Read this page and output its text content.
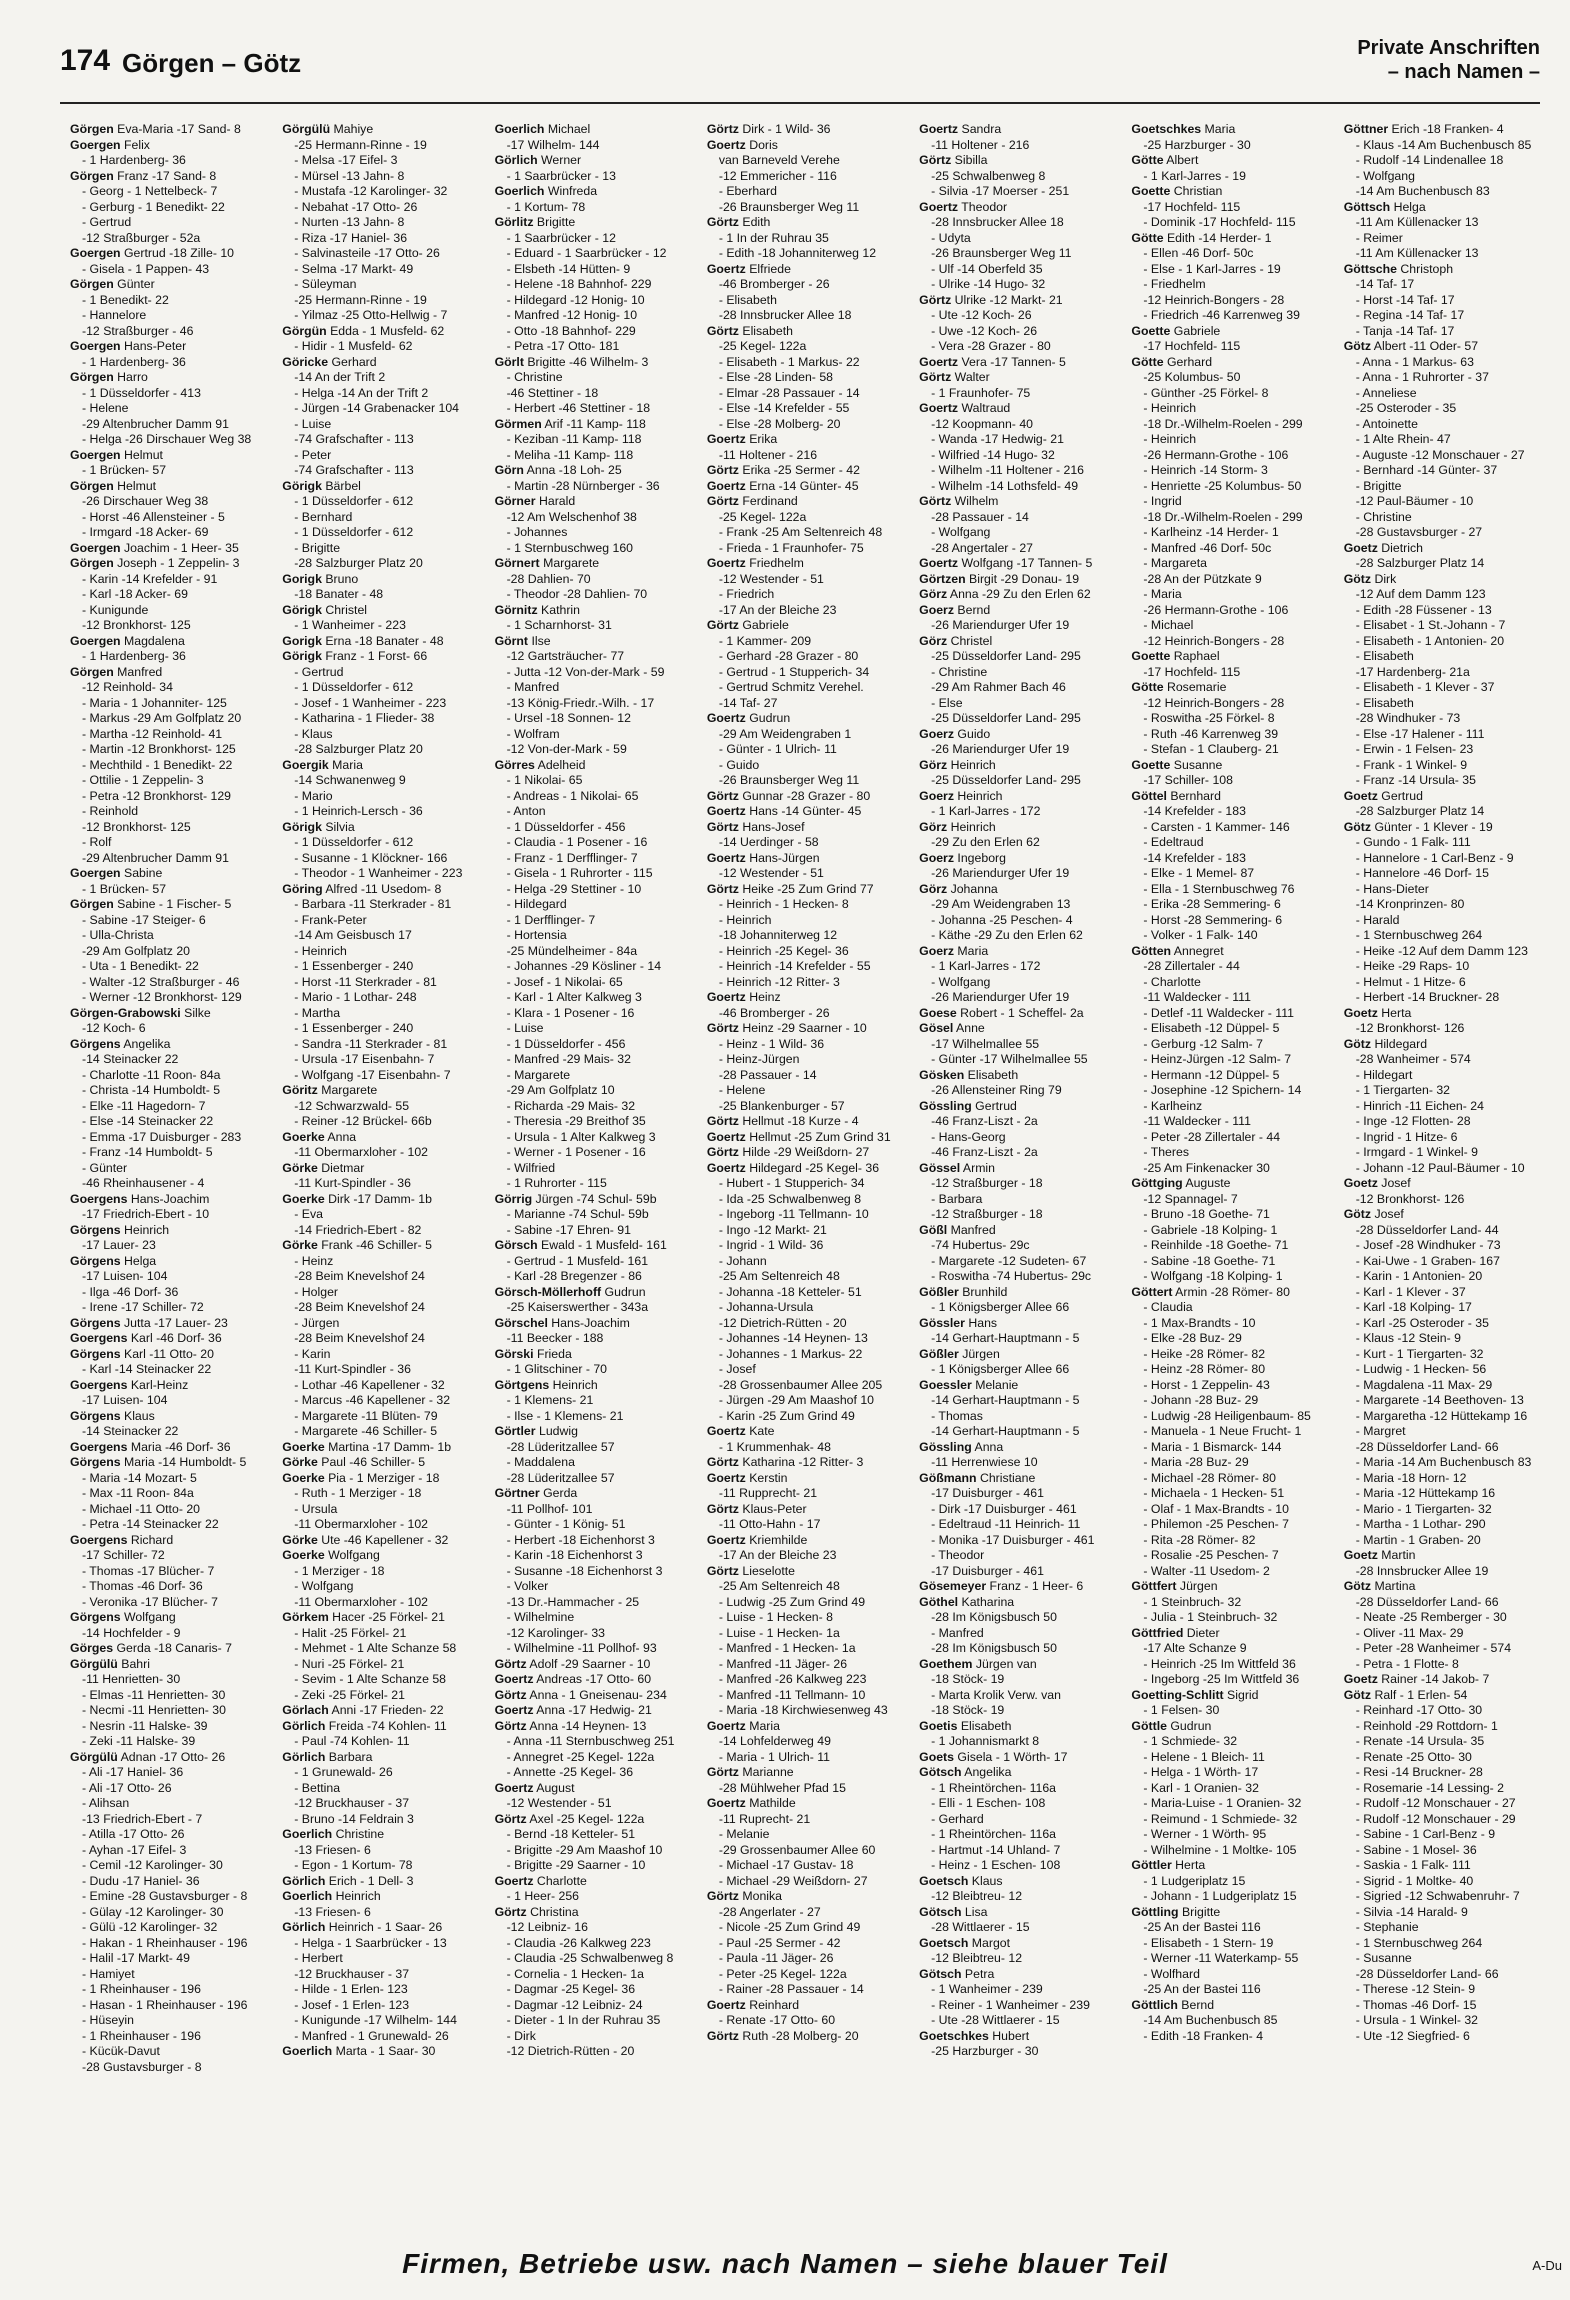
174 Görgen – Götz	Private Anschriften
– nach Namen –
Görgen Eva-Maria -17 Sand- 8
Goergen Felix
- 1 Hardenberg- 36
Görgen Franz -17 Sand- 8
- Georg - 1 Nettelbeck- 7
- Gerburg - 1 Benedikt- 22
- Gertrud
-12 Straßburger - 52a
Goergen Gertrud -18 Zille- 10
- Gisela - 1 Pappen- 43
Görgen Günter
- 1 Benedikt- 22
- Hannelore
-12 Straßburger - 46
Goergen Hans-Peter
- 1 Hardenberg- 36
Görgen Harro
- 1 Düsseldorfer - 413
- Helene
-29 Altenbrucher Damm 91
- Helga -26 Dirschauer Weg 38
Goergen Helmut
- 1 Brücken- 57
Görgen Helmut
-26 Dirschauer Weg 38
- Horst -46 Allensteiner - 5
- Irmgard -18 Acker- 69
Goergen Joachim - 1 Heer- 35
Görgen Joseph - 1 Zeppelin- 3
- Karin -14 Krefelder - 91
- Karl -18 Acker- 69
- Kunigunde
-12 Bronkhorst- 125
Goergen Magdalena
- 1 Hardenberg- 36
Görgen Manfred
-12 Reinhold- 34
- Maria - 1 Johanniter- 125
- Markus -29 Am Golfplatz 20
- Martha -12 Reinhold- 41
- Martin -12 Bronkhorst- 125
- Mechthild - 1 Benedikt- 22
- Ottilie - 1 Zeppelin- 3
- Petra -12 Bronkhorst- 129
- Reinhold
-12 Bronkhorst- 125
- Rolf
-29 Altenbrucher Damm 91
Goergen Sabine
- 1 Brücken- 57
Görgen Sabine - 1 Fischer- 5
- Sabine -17 Steiger- 6
- Ulla-Christa
-29 Am Golfplatz 20
- Uta - 1 Benedikt- 22
- Walter -12 Straßburger - 46
- Werner -12 Bronkhorst- 129
Görgen-Grabowski Silke
-12 Koch- 6
Görgens Angelika
-14 Steinacker 22
- Charlotte -11 Roon- 84a
- Christa -14 Humboldt- 5
- Elke -11 Hagedorn- 7
- Else -14 Steinacker 22
- Emma -17 Duisburger - 283
- Franz -14 Humboldt- 5
- Günter
-46 Rheinhausener - 4
Goergens Hans-Joachim
-17 Friedrich-Ebert - 10
Görgens Heinrich
-17 Lauer- 23
Görgens Helga
-17 Luisen- 104
- Ilga -46 Dorf- 36
- Irene -17 Schiller- 72
Görgens Jutta -17 Lauer- 23
Goergens Karl -46 Dorf- 36
Görgens Karl -11 Otto- 20
- Karl -14 Steinacker 22
Goergens Karl-Heinz
-17 Luisen- 104
Görgens Klaus
-14 Steinacker 22
Goergens Maria -46 Dorf- 36
Görgens Maria -14 Humboldt- 5
- Maria -14 Mozart- 5
- Max -11 Roon- 84a
- Michael -11 Otto- 20
- Petra -14 Steinacker 22
Goergens Richard
-17 Schiller- 72
- Thomas -17 Blücher- 7
- Thomas -46 Dorf- 36
- Veronika -17 Blücher- 7
Görgens Wolfgang
-14 Hochfelder - 9
Görges Gerda -18 Canaris- 7
Görgülü Bahri
-11 Henrietten- 30
- Elmas -11 Henrietten- 30
- Necmi -11 Henrietten- 30
- Nesrin -11 Halske- 39
- Zeki -11 Halske- 39
Görgülü Adnan -17 Otto- 26
- Ali -17 Haniel- 36
- Ali -17 Otto- 26
- Alihsan
-13 Friedrich-Ebert - 7
- Atilla -17 Otto- 26
- Ayhan -17 Eifel- 3
- Cemil -12 Karolinger- 30
- Dudu -17 Haniel- 36
- Emine -28 Gustavsburger - 8
- Gülay -12 Karolinger- 30
- Gülü -12 Karolinger- 32
- Hakan - 1 Rheinhauser - 196
- Halil -17 Markt- 49
- Hamiyet
- 1 Rheinhauser - 196
- Hasan - 1 Rheinhauser - 196
- Hüseyin
- 1 Rheinhauser - 196
- Kücük-Davut
-28 Gustavsburger - 8
Görgülü Mahiye
-25 Hermann-Rinne - 19
- Melsa -17 Eifel- 3
- Mürsel -13 Jahn- 8
- Mustafa -12 Karolinger- 32
- Nebahat -17 Otto- 26
- Nurten -13 Jahn- 8
- Riza -17 Haniel- 36
- Salvinasteile -17 Otto- 26
- Selma -17 Markt- 49
- Süleyman
-25 Hermann-Rinne - 19
- Yilmaz -25 Otto-Hellwig - 7
Görgün Edda - 1 Musfeld- 62
- Hidir - 1 Musfeld- 62
Göricke Gerhard
-14 An der Trift 2
- Helga -14 An der Trift 2
- Jürgen -14 Grabenacker 104
- Luise
-74 Grafschafter - 113
- Peter
-74 Grafschafter - 113
Görigk Bärbel
- 1 Düsseldorfer - 612
- Bernhard
- 1 Düsseldorfer - 612
- Brigitte
-28 Salzburger Platz 20
Gorigk Bruno
-18 Banater - 48
Görigk Christel
- 1 Wanheimer - 223
Gorigk Erna -18 Banater - 48
Görigk Franz - 1 Forst- 66
- Gertrud
- 1 Düsseldorfer - 612
- Josef - 1 Wanheimer - 223
- Katharina - 1 Flieder- 38
- Klaus
-28 Salzburger Platz 20
Goergik Maria
-14 Schwanenweg 9
- Mario
- 1 Heinrich-Lersch - 36
Görigk Silvia
- 1 Düsseldorfer - 612
- Susanne - 1 Klöckner- 166
- Theodor - 1 Wanheimer - 223
Göring Alfred -11 Usedom- 8
- Barbara -11 Sterkrader - 81
- Frank-Peter
-14 Am Geisbusch 17
- Heinrich
- 1 Essenberger - 240
- Horst -11 Sterkrader - 81
- Mario - 1 Lothar- 248
- Martha
- 1 Essenberger - 240
- Sandra -11 Sterkrader - 81
- Ursula -17 Eisenbahn- 7
- Wolfgang -17 Eisenbahn- 7
Göritz Margarete
-12 Schwarzwald- 55
- Reiner -12 Brückel- 66b
Goerke Anna
-11 Obermarxloher - 102
Görke Dietmar
-11 Kurt-Spindler - 36
Goerke Dirk -17 Damm- 1b
- Eva
-14 Friedrich-Ebert - 82
Görke Frank -46 Schiller- 5
- Heinz
-28 Beim Knevelshof 24
- Holger
-28 Beim Knevelshof 24
- Jürgen
-28 Beim Knevelshof 24
- Karin
-11 Kurt-Spindler - 36
- Lothar -46 Kapellener - 32
- Marcus -46 Kapellener - 32
- Margarete -11 Blüten- 79
- Margarete -46 Schiller- 5
Goerke Martina -17 Damm- 1b
Görke Paul -46 Schiller- 5
Goerke Pia - 1 Merziger - 18
- Ruth - 1 Merziger - 18
- Ursula
-11 Obermarxloher - 102
Görke Ute -46 Kapellener - 32
Goerke Wolfgang
- 1 Merziger - 18
- Wolfgang
-11 Obermarxloher - 102
Görkem Hacer -25 Förkel- 21
- Halit -25 Förkel- 21
- Mehmet - 1 Alte Schanze 58
- Nuri -25 Förkel- 21
- Sevim - 1 Alte Schanze 58
- Zeki -25 Förkel- 21
Görlach Anni -17 Frieden- 22
Görlich Freida -74 Kohlen- 11
- Paul -74 Kohlen- 11
Görlich Barbara
- 1 Grunewald- 26
- Bettina
-12 Bruckhauser - 37
- Bruno -14 Feldrain 3
Goerlich Christine
-13 Friesen- 6
- Egon - 1 Kortum- 78
Görlich Erich - 1 Dell- 3
Goerlich Heinrich
-13 Friesen- 6
Görlich Heinrich - 1 Saar- 26
- Helga - 1 Saarbrücker - 13
- Herbert
-12 Bruckhauser - 37
- Hilde - 1 Erlen- 123
- Josef - 1 Erlen- 123
- Kunigunde -17 Wilhelm- 144
- Manfred - 1 Grunewald- 26
Goerlich Marta - 1 Saar- 30
Goerlich Michael
-17 Wilhelm- 144
Görlich Werner
- 1 Saarbrücker - 13
Goerlich Winfreda
- 1 Kortum- 78
Görlitz Brigitte
- 1 Saarbrücker - 12
- Eduard - 1 Saarbrücker - 12
- Elsbeth -14 Hütten- 9
- Helene -18 Bahnhof- 229
- Hildegard -12 Honig- 10
- Manfred -12 Honig- 10
- Otto -18 Bahnhof- 229
- Petra -17 Otto- 181
Görlt Brigitte -46 Wilhelm- 3
- Christine
-46 Stettiner - 18
- Herbert -46 Stettiner - 18
Görmen Arif -11 Kamp- 118
- Keziban -11 Kamp- 118
- Meliha -11 Kamp- 118
Görn Anna -18 Loh- 25
- Martin -28 Nürnberger - 36
Görner Harald
-12 Am Welschenhof 38
- Johannes
- 1 Sternbuschweg 160
Görnert Margarete
-28 Dahlien- 70
- Theodor -28 Dahlien- 70
Görnitz Kathrin
- 1 Scharnhorst- 31
Görnt Ilse
-12 Gartsträucher- 77
- Jutta -12 Von-der-Mark - 59
- Manfred
-13 König-Friedr.-Wilh. - 17
- Ursel -18 Sonnen- 12
- Wolfram
-12 Von-der-Mark - 59
Görres Adelheid
- 1 Nikolai- 65
- Andreas - 1 Nikolai- 65
- Anton
- 1 Düsseldorfer - 456
- Claudia - 1 Posener - 16
- Franz - 1 Derfflinger- 7
- Gisela - 1 Ruhrorter - 115
- Helga -29 Stettiner - 10
- Hildegard
- 1 Derfflinger- 7
- Hortensia
-25 Mündelheimer - 84a
- Johannes -29 Kösliner - 14
- Josef - 1 Nikolai- 65
- Karl - 1 Alter Kalkweg 3
- Klara - 1 Posener - 16
- Luise
- 1 Düsseldorfer - 456
- Manfred -29 Mais- 32
- Margarete
-29 Am Golfplatz 10
- Richarda -29 Mais- 32
- Theresia -29 Breithof 35
- Ursula - 1 Alter Kalkweg 3
- Werner - 1 Posener - 16
- Wilfried
- 1 Ruhrorter - 115
Görrig Jürgen -74 Schul- 59b
- Marianne -74 Schul- 59b
- Sabine -17 Ehren- 91
Görsch Ewald - 1 Musfeld- 161
- Gertrud - 1 Musfeld- 161
- Karl -28 Bregenzer - 86
Görsch-Möllerhoff Gudrun
-25 Kaiserswerther - 343a
Görschel Hans-Joachim
-11 Beecker - 188
Görski Frieda
- 1 Glitschiner - 70
Görtgens Heinrich
- 1 Klemens- 21
- Ilse - 1 Klemens- 21
Görtler Ludwig
-28 Lüderitzallee 57
- Maddalena
-28 Lüderitzallee 57
Görtner Gerda
-11 Pollhof- 101
- Günter - 1 König- 51
- Herbert -18 Eichenhorst 3
- Karin -18 Eichenhorst 3
- Susanne -18 Eichenhorst 3
- Volker
-13 Dr.-Hammacher - 25
- Wilhelmine
-12 Karolinger- 33
- Wilhelmine -11 Pollhof- 93
Görtz Adolf -29 Saarner - 10
Goertz Andreas -17 Otto- 60
Görtz Anna - 1 Gneisenau- 234
Goertz Anna -17 Hedwig- 21
Görtz Anna -14 Heynen- 13
- Anna -11 Sternbuschweg 251
- Annegret -25 Kegel- 122a
- Annette -25 Kegel- 36
Goertz August
-12 Westender - 51
Görtz Axel -25 Kegel- 122a
- Bernd -18 Ketteler- 51
- Brigitte -29 Am Maashof 10
- Brigitte -29 Saarner - 10
Goertz Charlotte
- 1 Heer- 256
Görtz Christina
-12 Leibniz- 16
- Claudia -26 Kalkweg 223
- Claudia -25 Schwalbenweg 8
- Cornelia - 1 Hecken- 1a
- Dagmar -25 Kegel- 36
- Dagmar -12 Leibniz- 24
- Dieter - 1 In der Ruhrau 35
- Dirk
-12 Dietrich-Rütten - 20
Görtz Dirk - 1 Wild- 36
Goertz Doris
van Barneveld Verehe
-12 Emmericher - 116
- Eberhard
-26 Braunsberger Weg 11
Görtz Edith
- 1 In der Ruhrau 35
- Edith -18 Johanniterweg 12
Goertz Elfriede
-46 Bromberger - 26
- Elisabeth
-28 Innsbrucker Allee 18
Görtz Elisabeth
-25 Kegel- 122a
- Elisabeth - 1 Markus- 22
- Else -28 Linden- 58
- Elmar -28 Passauer - 14
- Else -14 Krefelder - 55
- Else -28 Molberg- 20
Goertz Erika
-11 Holtener - 216
Görtz Erika -25 Sermer - 42
Goertz Erna -14 Günter- 45
Görtz Ferdinand
-25 Kegel- 122a
- Frank -25 Am Seltenreich 48
- Frieda - 1 Fraunhofer- 75
Goertz Friedhelm
-12 Westender - 51
- Friedrich
-17 An der Bleiche 23
Görtz Gabriele
- 1 Kammer- 209
- Gerhard -28 Grazer - 80
- Gertrud - 1 Stupperich- 34
- Gertrud Schmitz Verehel.
-14 Taf- 27
Goertz Gudrun
-29 Am Weidengraben 1
- Günter - 1 Ulrich- 11
- Guido
-26 Braunsberger Weg 11
Görtz Gunnar -28 Grazer - 80
Goertz Hans -14 Günter- 45
Görtz Hans-Josef
-14 Uerdinger - 58
Goertz Hans-Jürgen
-12 Westender - 51
Görtz Heike -25 Zum Grind 77
- Heinrich - 1 Hecken- 8
- Heinrich
-18 Johanniterweg 12
- Heinrich -25 Kegel- 36
- Heinrich -14 Krefelder - 55
- Heinrich -12 Ritter- 3
Goertz Heinz
-46 Bromberger - 26
Görtz Heinz -29 Saarner - 10
- Heinz - 1 Wild- 36
- Heinz-Jürgen
-28 Passauer - 14
- Helene
-25 Blankenburger - 57
Görtz Hellmut -18 Kurze - 4
Goertz Hellmut -25 Zum Grind 31
Görtz Hilde -29 Weißdorn- 27
Goertz Hildegard -25 Kegel- 36
- Hubert - 1 Stupperich- 34
- Ida -25 Schwalbenweg 8
- Ingeborg -11 Tellmann- 10
- Ingo -12 Markt- 21
- Ingrid - 1 Wild- 36
- Johann
-25 Am Seltenreich 48
- Johanna -18 Ketteler- 51
- Johanna-Ursula
-12 Dietrich-Rütten - 20
- Johannes -14 Heynen- 13
- Johannes - 1 Markus- 22
- Josef
-28 Grossenbaumer Allee 205
- Jürgen -29 Am Maashof 10
- Karin -25 Zum Grind 49
Goertz Kate
- 1 Krummenhak- 48
Görtz Katharina -12 Ritter- 3
Goertz Kerstin
-11 Rupprecht- 21
Görtz Klaus-Peter
-11 Otto-Hahn - 17
Goertz Kriemhilde
-17 An der Bleiche 23
Görtz Lieselotte
-25 Am Seltenreich 48
- Ludwig -25 Zum Grind 49
- Luise - 1 Hecken- 8
- Luise - 1 Hecken- 1a
- Manfred - 1 Hecken- 1a
- Manfred -11 Jäger- 26
- Manfred -26 Kalkweg 223
- Manfred -11 Tellmann- 10
- Maria -18 Kirchwiesenweg 43
Goertz Maria
-14 Lohfelderweg 49
- Maria - 1 Ulrich- 11
Görtz Marianne
-28 Mühlweher Pfad 15
Goertz Mathilde
-11 Ruprecht- 21
- Melanie
-29 Grossenbaumer Allee 60
- Michael -17 Gustav- 18
- Michael -29 Weißdorn- 27
Görtz Monika
-28 Angerlater - 27
- Nicole -25 Zum Grind 49
- Paul -25 Sermer - 42
- Paula -11 Jäger- 26
- Peter -25 Kegel- 122a
- Rainer -28 Passauer - 14
Goertz Reinhard
- Renate -17 Otto- 60
Görtz Ruth -28 Molberg- 20
Goertz Sandra
-11 Holtener - 216
Görtz Sibilla
-25 Schwalbenweg 8
- Silvia -17 Moerser - 251
Goertz Theodor
-28 Innsbrucker Allee 18
- Udyta
-26 Braunsberger Weg 11
- Ulf -14 Oberfeld 35
- Ulrike -14 Hugo- 32
Görtz Ulrike -12 Markt- 21
- Ute -12 Koch- 26
- Uwe -12 Koch- 26
- Vera -28 Grazer - 80
Goertz Vera -17 Tannen- 5
Görtz Walter
- 1 Fraunhofer- 75
Goertz Waltraud
-12 Koopmann- 40
- Wanda -17 Hedwig- 21
- Wilfried -14 Hugo- 32
- Wilhelm -11 Holtener - 216
- Wilhelm -14 Lothsfeld- 49
Görtz Wilhelm
-28 Passauer - 14
- Wolfgang
-28 Angertaler - 27
Goertz Wolfgang -17 Tannen- 5
Görtzen Birgit -29 Donau- 19
Görz Anna -29 Zu den Erlen 62
Goerz Bernd
-26 Mariendurger Ufer 19
Görz Christel
-25 Düsseldorfer Land- 295
- Christine
-29 Am Rahmer Bach 46
- Else
-25 Düsseldorfer Land- 295
Goerz Guido
-26 Mariendurger Ufer 19
Görz Heinrich
-25 Düsseldorfer Land- 295
Goerz Heinrich
- 1 Karl-Jarres - 172
Görz Heinrich
-29 Zu den Erlen 62
Goerz Ingeborg
-26 Mariendurger Ufer 19
Görz Johanna
-29 Am Weidengraben 13
- Johanna -25 Peschen- 4
- Käthe -29 Zu den Erlen 62
Goerz Maria
- 1 Karl-Jarres - 172
- Wolfgang
-26 Mariendurger Ufer 19
Goese Robert - 1 Scheffel- 2a
Gösel Anne
-17 Wilhelmallee 55
- Günter -17 Wilhelmallee 55
Gösken Elisabeth
-26 Allensteiner Ring 79
Gössling Gertrud
-46 Franz-Liszt - 2a
- Hans-Georg
-46 Franz-Liszt - 2a
Gössel Armin
-12 Straßburger - 18
- Barbara
-12 Straßburger - 18
Gößl Manfred
-74 Hubertus- 29c
- Margarete -12 Sudeten- 67
- Roswitha -74 Hubertus- 29c
Gößler Brunhild
- 1 Königsberger Allee 66
Gössler Hans
-14 Gerhart-Hauptmann - 5
Gößler Jürgen
- 1 Königsberger Allee 66
Goessler Melanie
-14 Gerhart-Hauptmann - 5
- Thomas
-14 Gerhart-Hauptmann - 5
Gössling Anna
-11 Herrenwiese 10
Gößmann Christiane
-17 Duisburger - 461
- Dirk -17 Duisburger - 461
- Edeltraud -11 Heinrich- 11
- Monika -17 Duisburger - 461
- Theodor
-17 Duisburger - 461
Gösemeyer Franz - 1 Heer- 6
Göthel Katharina
-28 Im Königsbusch 50
- Manfred
-28 Im Königsbusch 50
Goethem Jürgen van
-18 Stöck- 19
- Marta Krolik Verw. van
-18 Stöck- 19
Goetis Elisabeth
- 1 Johannismarkt 8
Goets Gisela - 1 Wörth- 17
Götsch Angelika
- 1 Rheintörchen- 116a
- Elli - 1 Eschen- 108
- Gerhard
- 1 Rheintörchen- 116a
- Hartmut -14 Uhland- 7
- Heinz - 1 Eschen- 108
Goetsch Klaus
-12 Bleibtreu- 12
Götsch Lisa
-28 Wittlaerer - 15
Goetsch Margot
-12 Bleibtreu- 12
Götsch Petra
- 1 Wanheimer - 239
- Reiner - 1 Wanheimer - 239
- Ute -28 Wittlaerer - 15
Goetschkes Hubert
-25 Harzburger - 30
Goetschkes Maria
-25 Harzburger - 30
Götte Albert
- 1 Karl-Jarres - 19
Goette Christian
-17 Hochfeld- 115
- Dominik -17 Hochfeld- 115
Götte Edith -14 Herder- 1
- Ellen -46 Dorf- 50c
- Else - 1 Karl-Jarres - 19
- Friedhelm
-12 Heinrich-Bongers - 28
- Friedrich -46 Karrenweg 39
Goette Gabriele
-17 Hochfeld- 115
Götte Gerhard
-25 Kolumbus- 50
- Günther -25 Förkel- 8
- Heinrich
-18 Dr.-Wilhelm-Roelen - 299
- Heinrich
-26 Hermann-Grothe - 106
- Heinrich -14 Storm- 3
- Henriette -25 Kolumbus- 50
- Ingrid
-18 Dr.-Wilhelm-Roelen - 299
- Karlheinz -14 Herder- 1
- Manfred -46 Dorf- 50c
- Margareta
-28 An der Pützkate 9
- Maria
-26 Hermann-Grothe - 106
- Michael
-12 Heinrich-Bongers - 28
Goette Raphael
-17 Hochfeld- 115
Götte Rosemarie
-12 Heinrich-Bongers - 28
- Roswitha -25 Förkel- 8
- Ruth -46 Karrenweg 39
- Stefan - 1 Clauberg- 21
Goette Susanne
-17 Schiller- 108
Göttel Bernhard
-14 Krefelder - 183
- Carsten - 1 Kammer- 146
- Edeltraud
-14 Krefelder - 183
- Elke - 1 Memel- 87
- Ella - 1 Sternbuschweg 76
- Erika -28 Semmering- 6
- Horst -28 Semmering- 6
- Volker - 1 Falk- 140
Götten Annegret
-28 Zillertaler - 44
- Charlotte
-11 Waldecker - 111
- Detlef -11 Waldecker - 111
- Elisabeth -12 Düppel- 5
- Gerburg -12 Salm- 7
- Heinz-Jürgen -12 Salm- 7
- Hermann -12 Düppel- 5
- Josephine -12 Spichern- 14
- Karlheinz
-11 Waldecker - 111
- Peter -28 Zillertaler - 44
- Theres
-25 Am Finkenacker 30
Göttging Auguste
-12 Spannagel- 7
- Bruno -18 Goethe- 71
- Gabriele -18 Kolping- 1
- Reinhilde -18 Goethe- 71
- Sabine -18 Goethe- 71
- Wolfgang -18 Kolping- 1
Göttert Armin -28 Römer- 80
- Claudia
- 1 Max-Brandts - 10
- Elke -28 Buz- 29
- Heike -28 Römer- 82
- Heinz -28 Römer- 80
- Horst - 1 Zeppelin- 43
- Johann -28 Buz- 29
- Ludwig -28 Heiligenbaum- 85
- Manuela - 1 Neue Frucht- 1
- Maria - 1 Bismarck- 144
- Maria -28 Buz- 29
- Michael -28 Römer- 80
- Michaela - 1 Hecken- 51
- Olaf - 1 Max-Brandts - 10
- Philemon -25 Peschen- 7
- Rita -28 Römer- 82
- Rosalie -25 Peschen- 7
- Walter -11 Usedom- 2
Göttfert Jürgen
- 1 Steinbruch- 32
- Julia - 1 Steinbruch- 32
Göttfried Dieter
-17 Alte Schanze 9
- Heinrich -25 Im Wittfeld 36
- Ingeborg -25 Im Wittfeld 36
Goetting-Schlitt Sigrid
- 1 Felsen- 30
Göttle Gudrun
- 1 Schmiede- 32
- Helene - 1 Bleich- 11
- Helga - 1 Wörth- 17
- Karl - 1 Oranien- 32
- Maria-Luise - 1 Oranien- 32
- Reimund - 1 Schmiede- 32
- Werner - 1 Wörth- 95
- Wilhelmine - 1 Moltke- 105
Göttler Herta
- 1 Ludgeriplatz 15
- Johann - 1 Ludgeriplatz 15
Göttling Brigitte
-25 An der Bastei 116
- Elisabeth - 1 Stern- 19
- Werner -11 Waterkamp- 55
- Wolfhard
-25 An der Bastei 116
Göttlich Bernd
-14 Am Buchenbusch 85
- Edith -18 Franken- 4
Göttner Erich -18 Franken- 4
- Klaus -14 Am Buchenbusch 85
- Rudolf -14 Lindenallee 18
- Wolfgang
-14 Am Buchenbusch 83
Göttsch Helga
-11 Am Küllenacker 13
- Reimer
-11 Am Küllenacker 13
Göttsche Christoph
-14 Taf- 17
- Horst -14 Taf- 17
- Regina -14 Taf- 17
- Tanja -14 Taf- 17
Götz Albert -11 Oder- 57
- Anna - 1 Markus- 63
- Anna - 1 Ruhrorter - 37
- Anneliese
-25 Osteroder - 35
- Antoinette
- 1 Alte Rhein- 47
- Auguste -12 Monschauer - 27
- Bernhard -14 Günter- 37
- Brigitte
-12 Paul-Bäumer - 10
- Christine
-28 Gustavsburger - 27
Goetz Dietrich
-28 Salzburger Platz 14
Götz Dirk
-12 Auf dem Damm 123
- Edith -28 Füssener - 13
- Elisabet - 1 St.-Johann - 7
- Elisabeth - 1 Antonien- 20
- Elisabeth
-17 Hardenberg- 21a
- Elisabeth - 1 Klever - 37
- Elisabeth
-28 Windhuker - 73
- Else -17 Halener - 111
- Erwin - 1 Felsen- 23
- Frank - 1 Winkel- 9
- Franz -14 Ursula- 35
Goetz Gertrud
-28 Salzburger Platz 14
Götz Günter - 1 Klever - 19
- Gundo - 1 Falk- 111
- Hannelore - 1 Carl-Benz - 9
- Hannelore -46 Dorf- 15
- Hans-Dieter
-14 Kronprinzen- 80
- Harald
- 1 Sternbuschweg 264
- Heike -12 Auf dem Damm 123
- Heike -29 Raps- 10
- Helmut - 1 Hitze- 6
- Herbert -14 Bruckner- 28
Goetz Herta
-12 Bronkhorst- 126
Götz Hildegard
-28 Wanheimer - 574
- Hildegart
- 1 Tiergarten- 32
- Hinrich -11 Eichen- 24
- Inge -12 Flotten- 28
- Ingrid - 1 Hitze- 6
- Irmgard - 1 Winkel- 9
- Johann -12 Paul-Bäumer - 10
Goetz Josef
-12 Bronkhorst- 126
Götz Josef
-28 Düsseldorfer Land- 44
- Josef -28 Windhuker - 73
- Kai-Uwe - 1 Graben- 167
- Karin - 1 Antonien- 20
- Karl - 1 Klever - 37
- Karl -18 Kolping- 17
- Karl -25 Osteroder - 35
- Klaus -12 Stein- 9
- Kurt - 1 Tiergarten- 32
- Ludwig - 1 Hecken- 56
- Magdalena -11 Max- 29
- Margarete -14 Beethoven- 13
- Margaretha -12 Hüttekamp 16
- Margret
-28 Düsseldorfer Land- 66
- Maria -14 Am Buchenbusch 83
- Maria -18 Horn- 12
- Maria -12 Hüttekamp 16
- Mario - 1 Tiergarten- 32
- Martha - 1 Lothar- 290
- Martin - 1 Graben- 20
Goetz Martin
-28 Innsbrucker Allee 19
Götz Martina
-28 Düsseldorfer Land- 66
- Neate -25 Remberger - 30
- Oliver -11 Max- 29
- Peter -28 Wanheimer - 574
- Petra - 1 Flotte- 8
Goetz Rainer -14 Jakob- 7
Götz Ralf - 1 Erlen- 54
- Reinhard -17 Otto- 30
- Reinhold -29 Rottdorn- 1
- Renate -14 Ursula- 35
- Renate -25 Otto- 30
- Resi -14 Bruckner- 28
- Rosemarie -14 Lessing- 2
- Rudolf -12 Monschauer - 27
- Rudolf -12 Monschauer - 29
- Sabine - 1 Carl-Benz - 9
- Sabine - 1 Mosel- 36
- Saskia - 1 Falk- 111
- Sigrid - 1 Moltke- 40
- Sigried -12 Schwabenruhr- 7
- Silvia -14 Harald- 9
- Stephanie
- 1 Sternbuschweg 264
- Susanne
-28 Düsseldorfer Land- 66
- Therese -12 Stein- 9
- Thomas -46 Dorf- 15
- Ursula - 1 Winkel- 32
- Ute -12 Siegfried- 6
Firmen, Betriebe usw. nach Namen – siehe blauer Teil	A-Du
